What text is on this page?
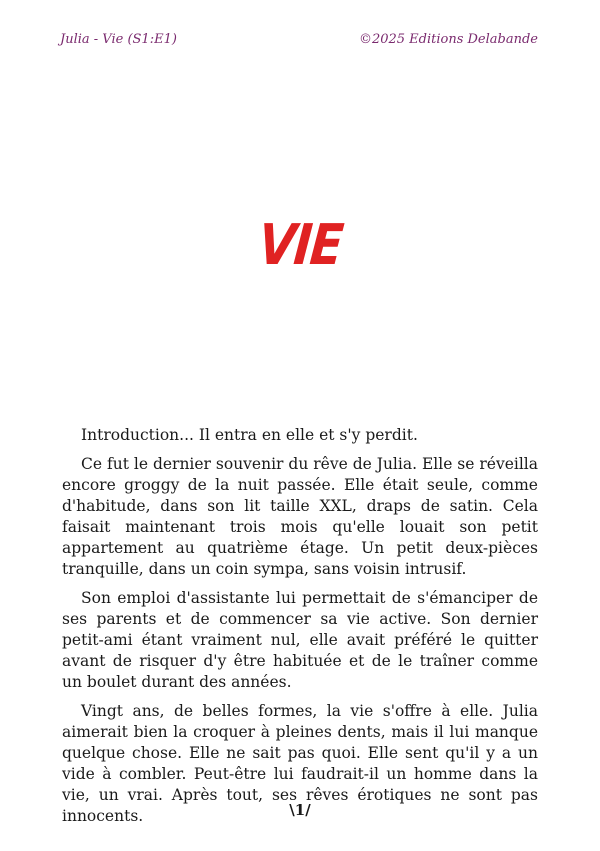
Julia - Vie (S1:E1)	©2025 Editions Delabande
VIE

Introduction... Il entra en elle et s'y perdit.

Ce fut le dernier souvenir du rêve de Julia. Elle se réveilla encore groggy de la nuit passée. Elle était seule, comme d'habitude, dans son lit taille XXL, draps de satin. Cela faisait maintenant trois mois qu'elle louait son petit appartement au quatrième étage. Un petit deux-pièces tranquille, dans un coin sympa, sans voisin intrusif.

Son emploi d'assistante lui permettait de s'émanciper de ses parents et de commencer sa vie active. Son dernier petit-ami étant vraiment nul, elle avait préféré le quitter avant de risquer d'y être habituée et de le traîner comme un boulet durant des années.

Vingt ans, de belles formes, la vie s'offre à elle. Julia aimerait bien la croquer à pleines dents, mais il lui manque quelque chose. Elle ne sait pas quoi. Elle sent qu'il y a un vide à combler. Peut-être lui faudrait-il un homme dans la vie, un vrai. Après tout, ses rêves érotiques ne sont pas innocents.	\1/
